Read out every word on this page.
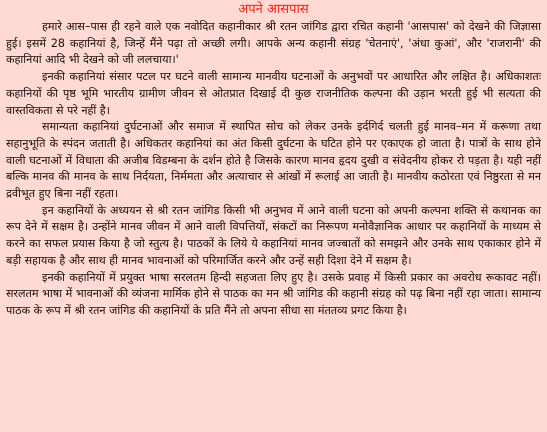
अपने आसपास

हमारे आस–पास ही रहने वाले एक नवोदित कहानीकार श्री रतन जांगिड द्वारा रचित कहानी 'आसपास' को देखने की जिज्ञासा हुई। इसमें 28 कहानियां है, जिन्हें मैंने पढ़ा तो अच्छी लगी। आपके अन्य कहानी संग्रह 'चेतनाएं', 'अंधा कुआं', और 'राजरानी' की कहानियां आदि भी देखने को जी ललचाया।'

इनकी कहानियां संसार पटल पर घटने वाली सामान्य मानवीय घटनाओं के अनुभवों पर आधारित और लक्षित है। अधिकाशतः कहानियों की पृष्ठ भूमि भारतीय ग्रामीण जीवन से ओतप्रात दिखाई दी कुछ राजनीतिक कल्पना की उड़ान भरती हुई भी सत्यता की वास्तविकता से परे नहीं है।

समान्यता कहानियां दुर्घटनाओं और समाज में स्थापित सोच को लेकर उनके इर्दगिर्द चलती हुई मानव–मन में करूणा तथा सहानुभूति के स्पंदन जताती है। अधिकतर कहानियां का अंत किसी दुर्घटना के घटित होने पर एकाएक हो जाता है। पात्रों के साथ होने वाली घटनाओं में विधाता की अजीब विडम्बना के दर्शन होते है जिसके कारण मानव हृदय दुखी व संवेदनीय होकर रो पड़ता है। यही नहीं बल्कि मानव की मानव के साथ निर्दयता, निर्ममता और अत्याचार से आंखों में रूलाई आ जाती है। मानवीय कठोरता एवं निष्ठुरता से मन द्रवीभूत हुए बिना नहीं रहता।

इन कहानियों के अध्ययन से श्री रतन जांगिड किसी भी अनुभव में आने वाली घटना को अपनी कल्पना शक्ति से कथानक का रूप देने में सक्षम है। उन्होंने मानव जीवन में आने वाली विपत्तियों, संकटों का निरूपण मनोवैज्ञानिक आधार पर कहानियों के माध्यम से करने का सफल प्रयास किया है जो स्तुत्य है। पाठकों के लिये ये कहानियां मानव जज्बातों को समझने और उनके साथ एकाकार होने में बड़ी सहायक है और साथ ही मानव भावनाओं को परिमार्जित करने और उन्हें सही दिशा देने में सक्षम है।

इनकी कहानियों में प्रयुक्त भाषा सरलतम हिन्दी सहजता लिए हुए है। उसके प्रवाह में किसी प्रकार का अवरोध रूकावट नहीं। सरलतम भाषा में भावनाओं की व्यंजना मार्मिक होने से पाठक का मन श्री जांगिड की कहानी संग्रह को पढ़ बिना नहीं रहा जाता। सामान्य पाठक के रूप में श्री रतन जांगिड की कहानियों के प्रति मैंने तो अपना सीधा सा मंततव्य प्रगट किया है।
